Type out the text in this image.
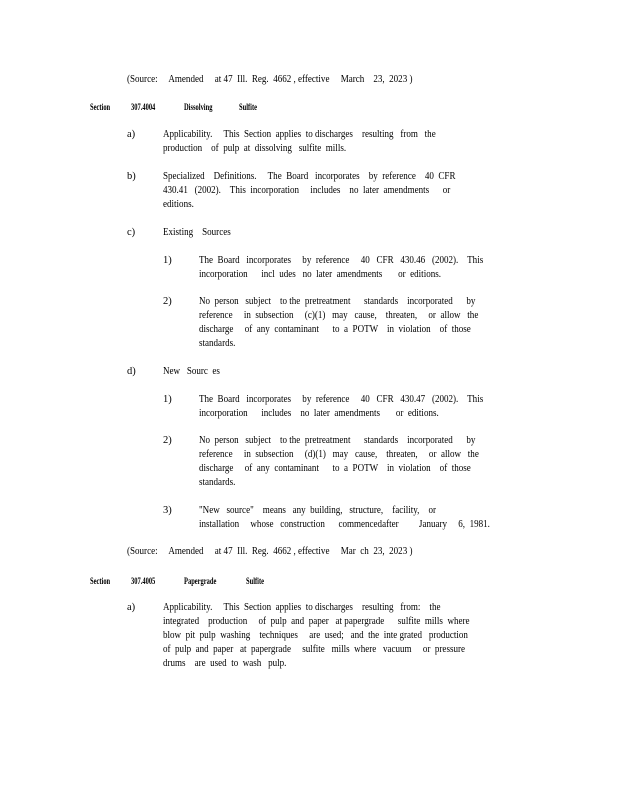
(Source:     Amended     at 47  Ill.  Reg.  4662 , effective     March    23,  2023 )
Section 307.4004	Dissolving	Sulfite
a)	Applicability.     This  Section  applies  to discharges    resulting   from   the
production    of  pulp  at  dissolving   sulfite  mills.
b)	Specialized    Definitions.     The  Board   incorporates    by  reference    40  CFR
430.41   (2002).    This  incorporation     includes    no  later  amendments      or
editions.
c)	Existing    Sources
1)	The  Board   incorporates     by  reference     40   CFR   430.46   (2002).    This
incorporation      incl  udes   no  later  amendments       or  editions.
2)	No  person   subject    to the  pretreatment      standards    incorporated      by
reference     in  subsection     (c)(1)   may   cause,    threaten,     or  allow   the
discharge     of  any  contaminant      to  a  POTW    in  violation    of  those
standards.
d)	New   Sourc  es
1)	The  Board   incorporates     by  reference     40   CFR   430.47   (2002).    This
incorporation      includes    no  later  amendments       or  editions.
2)	No  person   subject    to the  pretreatment      standards    incorporated      by
reference     in  subsection     (d)(1)   may   cause,    threaten,     or  allow   the
discharge     of  any  contaminant      to  a  POTW    in  violation    of  those
standards.
3)	"New   source"    means   any  building,   structure,    facility,    or
installation     whose   construction      commencedafter         January     6,  1981.
(Source:     Amended     at 47  Ill.  Reg.  4662 , effective     Mar  ch  23,  2023 )
Section 307.4005	Papergrade	Sulfite
a)	Applicability.     This  Section  applies  to discharges    resulting   from:    the
integrated    production     of  pulp  and  paper   at papergrade      sulfite  mills  where
blow  pit  pulp  washing    techniques     are  used;   and  the  inte grated   production
of  pulp  and  paper   at  papergrade     sulfite   mills  where   vacuum     or  pressure
drums    are  used  to  wash   pulp.
